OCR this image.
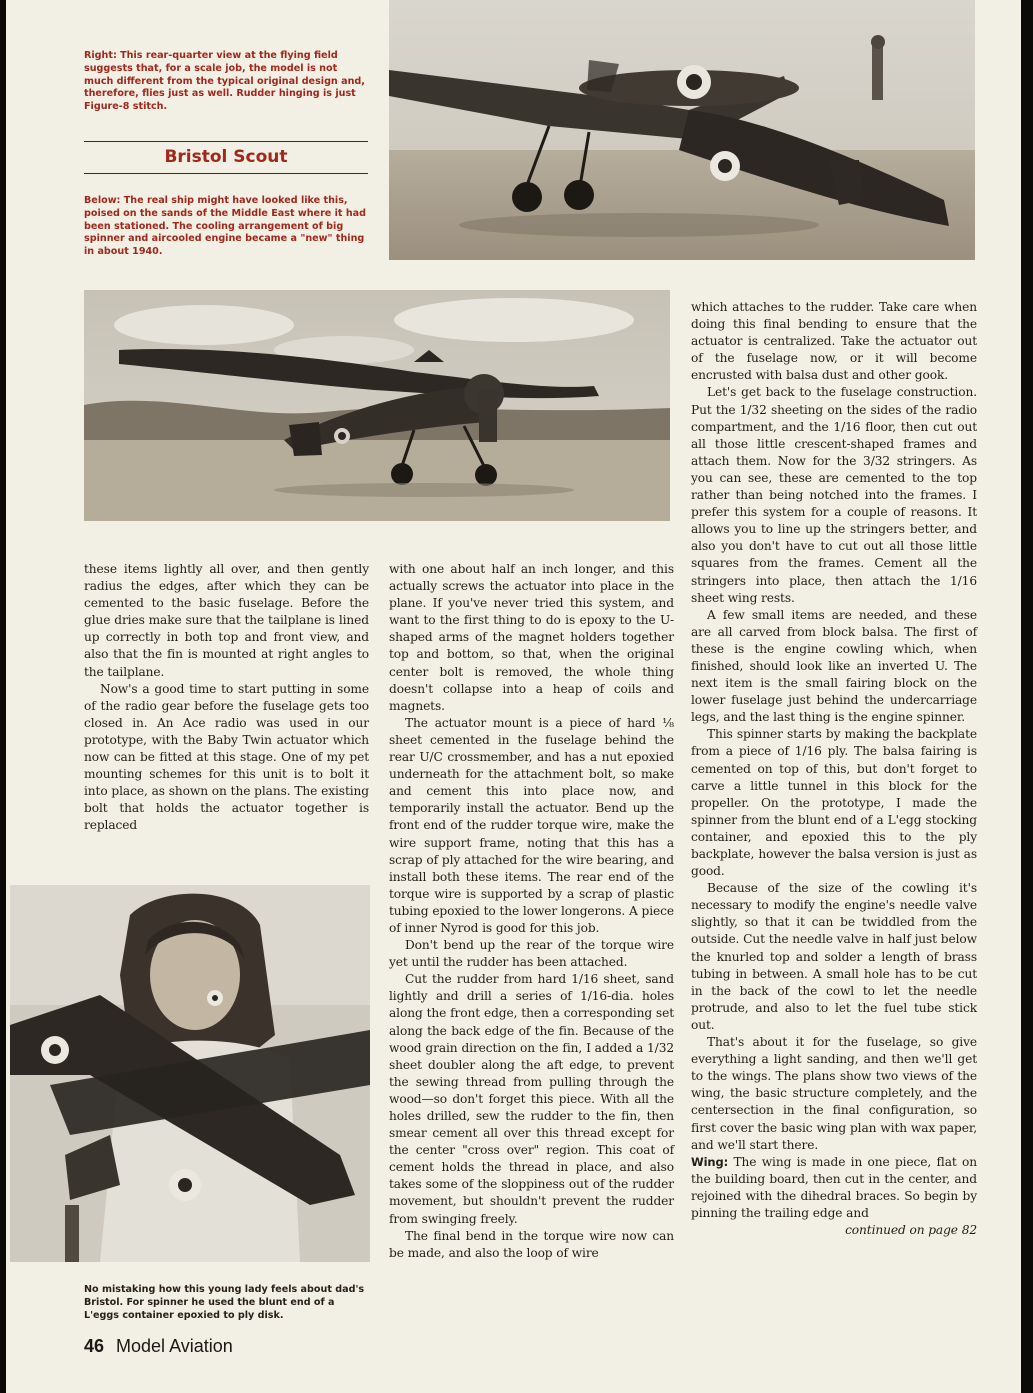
Right: This rear-quarter view at the flying field suggests that, for a scale job, the model is not much different from the typical original design and, therefore, flies just as well. Rudder hinging is just Figure-8 stitch.

Bristol Scout

Below: The real ship might have looked like this, poised on the sands of the Middle East where it had been stationed. The cooling arrangement of big spinner and aircooled engine became a "new" thing in about 1940.

No mistaking how this young lady feels about dad's Bristol. For spinner he used the blunt end of a L'eggs container epoxied to ply disk.

these items lightly all over, and then gently radius the edges, after which they can be cemented to the basic fuselage. Before the glue dries make sure that the tailplane is lined up correctly in both top and front view, and also that the fin is mounted at right angles to the tailplane.

Now's a good time to start putting in some of the radio gear before the fuselage gets too closed in. An Ace radio was used in our prototype, with the Baby Twin actuator which now can be fitted at this stage. One of my pet mounting schemes for this unit is to bolt it into place, as shown on the plans. The existing bolt that holds the actuator together is replaced

with one about half an inch longer, and this actually screws the actuator into place in the plane. If you've never tried this system, and want to the first thing to do is epoxy to the U-shaped arms of the magnet holders together top and bottom, so that, when the original center bolt is removed, the whole thing doesn't collapse into a heap of coils and magnets.

The actuator mount is a piece of hard ⅛ sheet cemented in the fuselage behind the rear U/C crossmember, and has a nut epoxied underneath for the attachment bolt, so make and cement this into place now, and temporarily install the actuator. Bend up the front end of the rudder torque wire, make the wire support frame, noting that this has a scrap of ply attached for the wire bearing, and install both these items. The rear end of the torque wire is supported by a scrap of plastic tubing epoxied to the lower longerons. A piece of inner Nyrod is good for this job.

Don't bend up the rear of the torque wire yet until the rudder has been attached.

Cut the rudder from hard 1/16 sheet, sand lightly and drill a series of 1/16-dia. holes along the front edge, then a corresponding set along the back edge of the fin. Because of the wood grain direction on the fin, I added a 1/32 sheet doubler along the aft edge, to prevent the sewing thread from pulling through the wood—so don't forget this piece. With all the holes drilled, sew the rudder to the fin, then smear cement all over this thread except for the center "cross over" region. This coat of cement holds the thread in place, and also takes some of the sloppiness out of the rudder movement, but shouldn't prevent the rudder from swinging freely.

The final bend in the torque wire now can be made, and also the loop of wire

which attaches to the rudder. Take care when doing this final bending to ensure that the actuator is centralized. Take the actuator out of the fuselage now, or it will become encrusted with balsa dust and other gook.

Let's get back to the fuselage construction. Put the 1/32 sheeting on the sides of the radio compartment, and the 1/16 floor, then cut out all those little crescent-shaped frames and attach them. Now for the 3/32 stringers. As you can see, these are cemented to the top rather than being notched into the frames. I prefer this system for a couple of reasons. It allows you to line up the stringers better, and also you don't have to cut out all those little squares from the frames. Cement all the stringers into place, then attach the 1/16 sheet wing rests.

A few small items are needed, and these are all carved from block balsa. The first of these is the engine cowling which, when finished, should look like an inverted U. The next item is the small fairing block on the lower fuselage just behind the undercarriage legs, and the last thing is the engine spinner.

This spinner starts by making the backplate from a piece of 1/16 ply. The balsa fairing is cemented on top of this, but don't forget to carve a little tunnel in this block for the propeller. On the prototype, I made the spinner from the blunt end of a L'egg stocking container, and epoxied this to the ply backplate, however the balsa version is just as good.

Because of the size of the cowling it's necessary to modify the engine's needle valve slightly, so that it can be twiddled from the outside. Cut the needle valve in half just below the knurled top and solder a length of brass tubing in between. A small hole has to be cut in the back of the cowl to let the needle protrude, and also to let the fuel tube stick out.

That's about it for the fuselage, so give everything a light sanding, and then we'll get to the wings. The plans show two views of the wing, the basic structure completely, and the centersection in the final configuration, so first cover the basic wing plan with wax paper, and we'll start there.

Wing: The wing is made in one piece, flat on the building board, then cut in the center, and rejoined with the dihedral braces. So begin by pinning the trailing edge and

continued on page 82

46 Model Aviation
